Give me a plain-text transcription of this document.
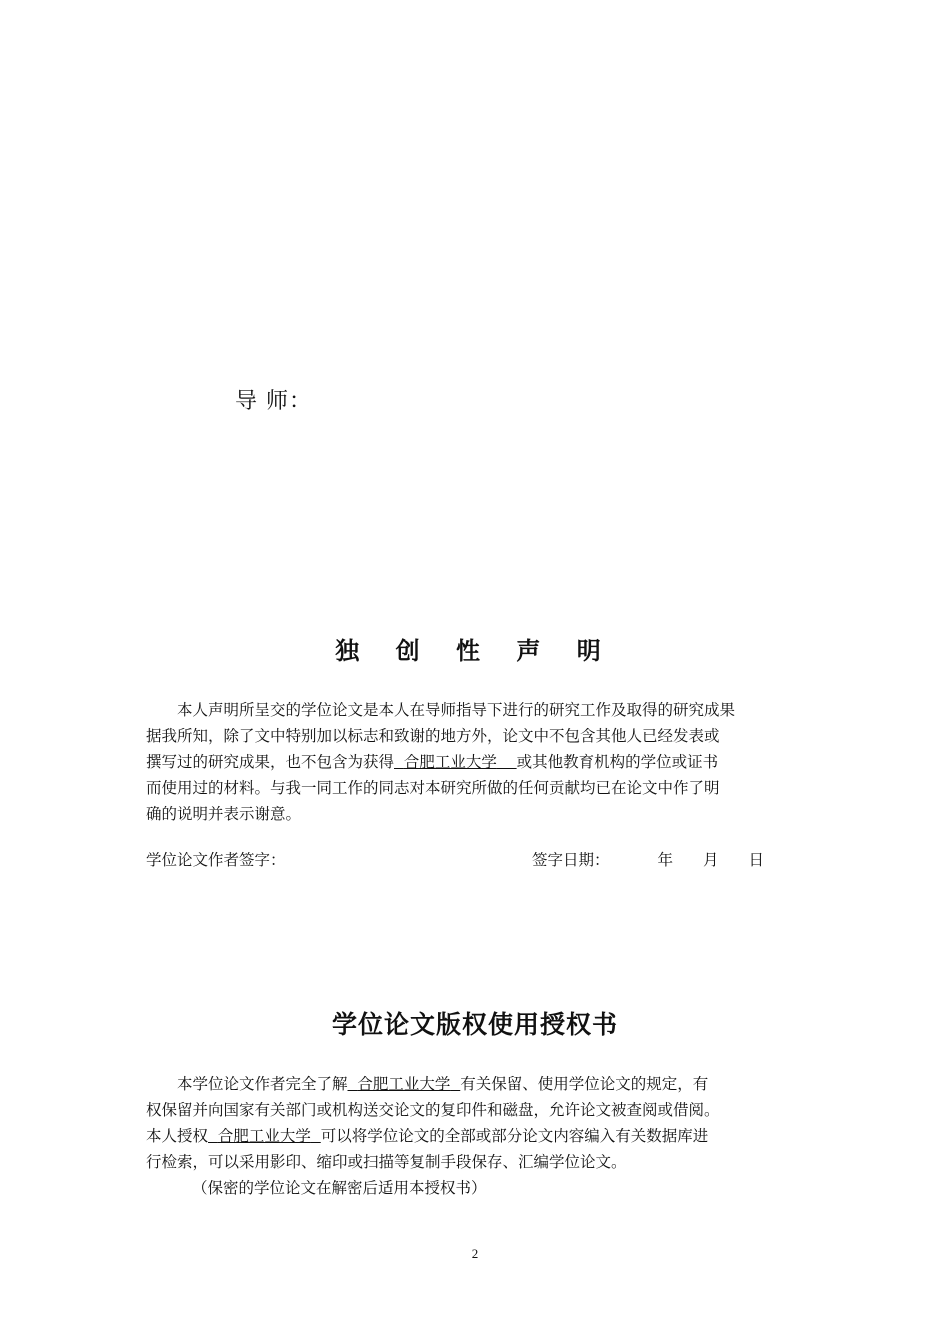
导 师：
独 创 性 声 明
本人声明所呈交的学位论文是本人在导师指导下进行的研究工作及取得的研究成果
据我所知，除了文中特别加以标志和致谢的地方外，论文中不包含其他人已经发表或
撰写过的研究成果，也不包含为获得 合肥工业大学 或其他教育机构的学位或证书
而使用过的材料。与我一同工作的同志对本研究所做的任何贡献均已在论文中作了明
确的说明并表示谢意。
学位论文作者签字：	签字日期：	年 月 日
学位论文版权使用授权书
本学位论文作者完全了解 合肥工业大学 有关保留、使用学位论文的规定，有
权保留并向国家有关部门或机构送交论文的复印件和磁盘，允许论文被查阅或借阅。
本人授权 合肥工业大学 可以将学位论文的全部或部分论文内容编入有关数据库进
行检索，可以采用影印、缩印或扫描等复制手段保存、汇编学位论文。
（保密的学位论文在解密后适用本授权书）
2
